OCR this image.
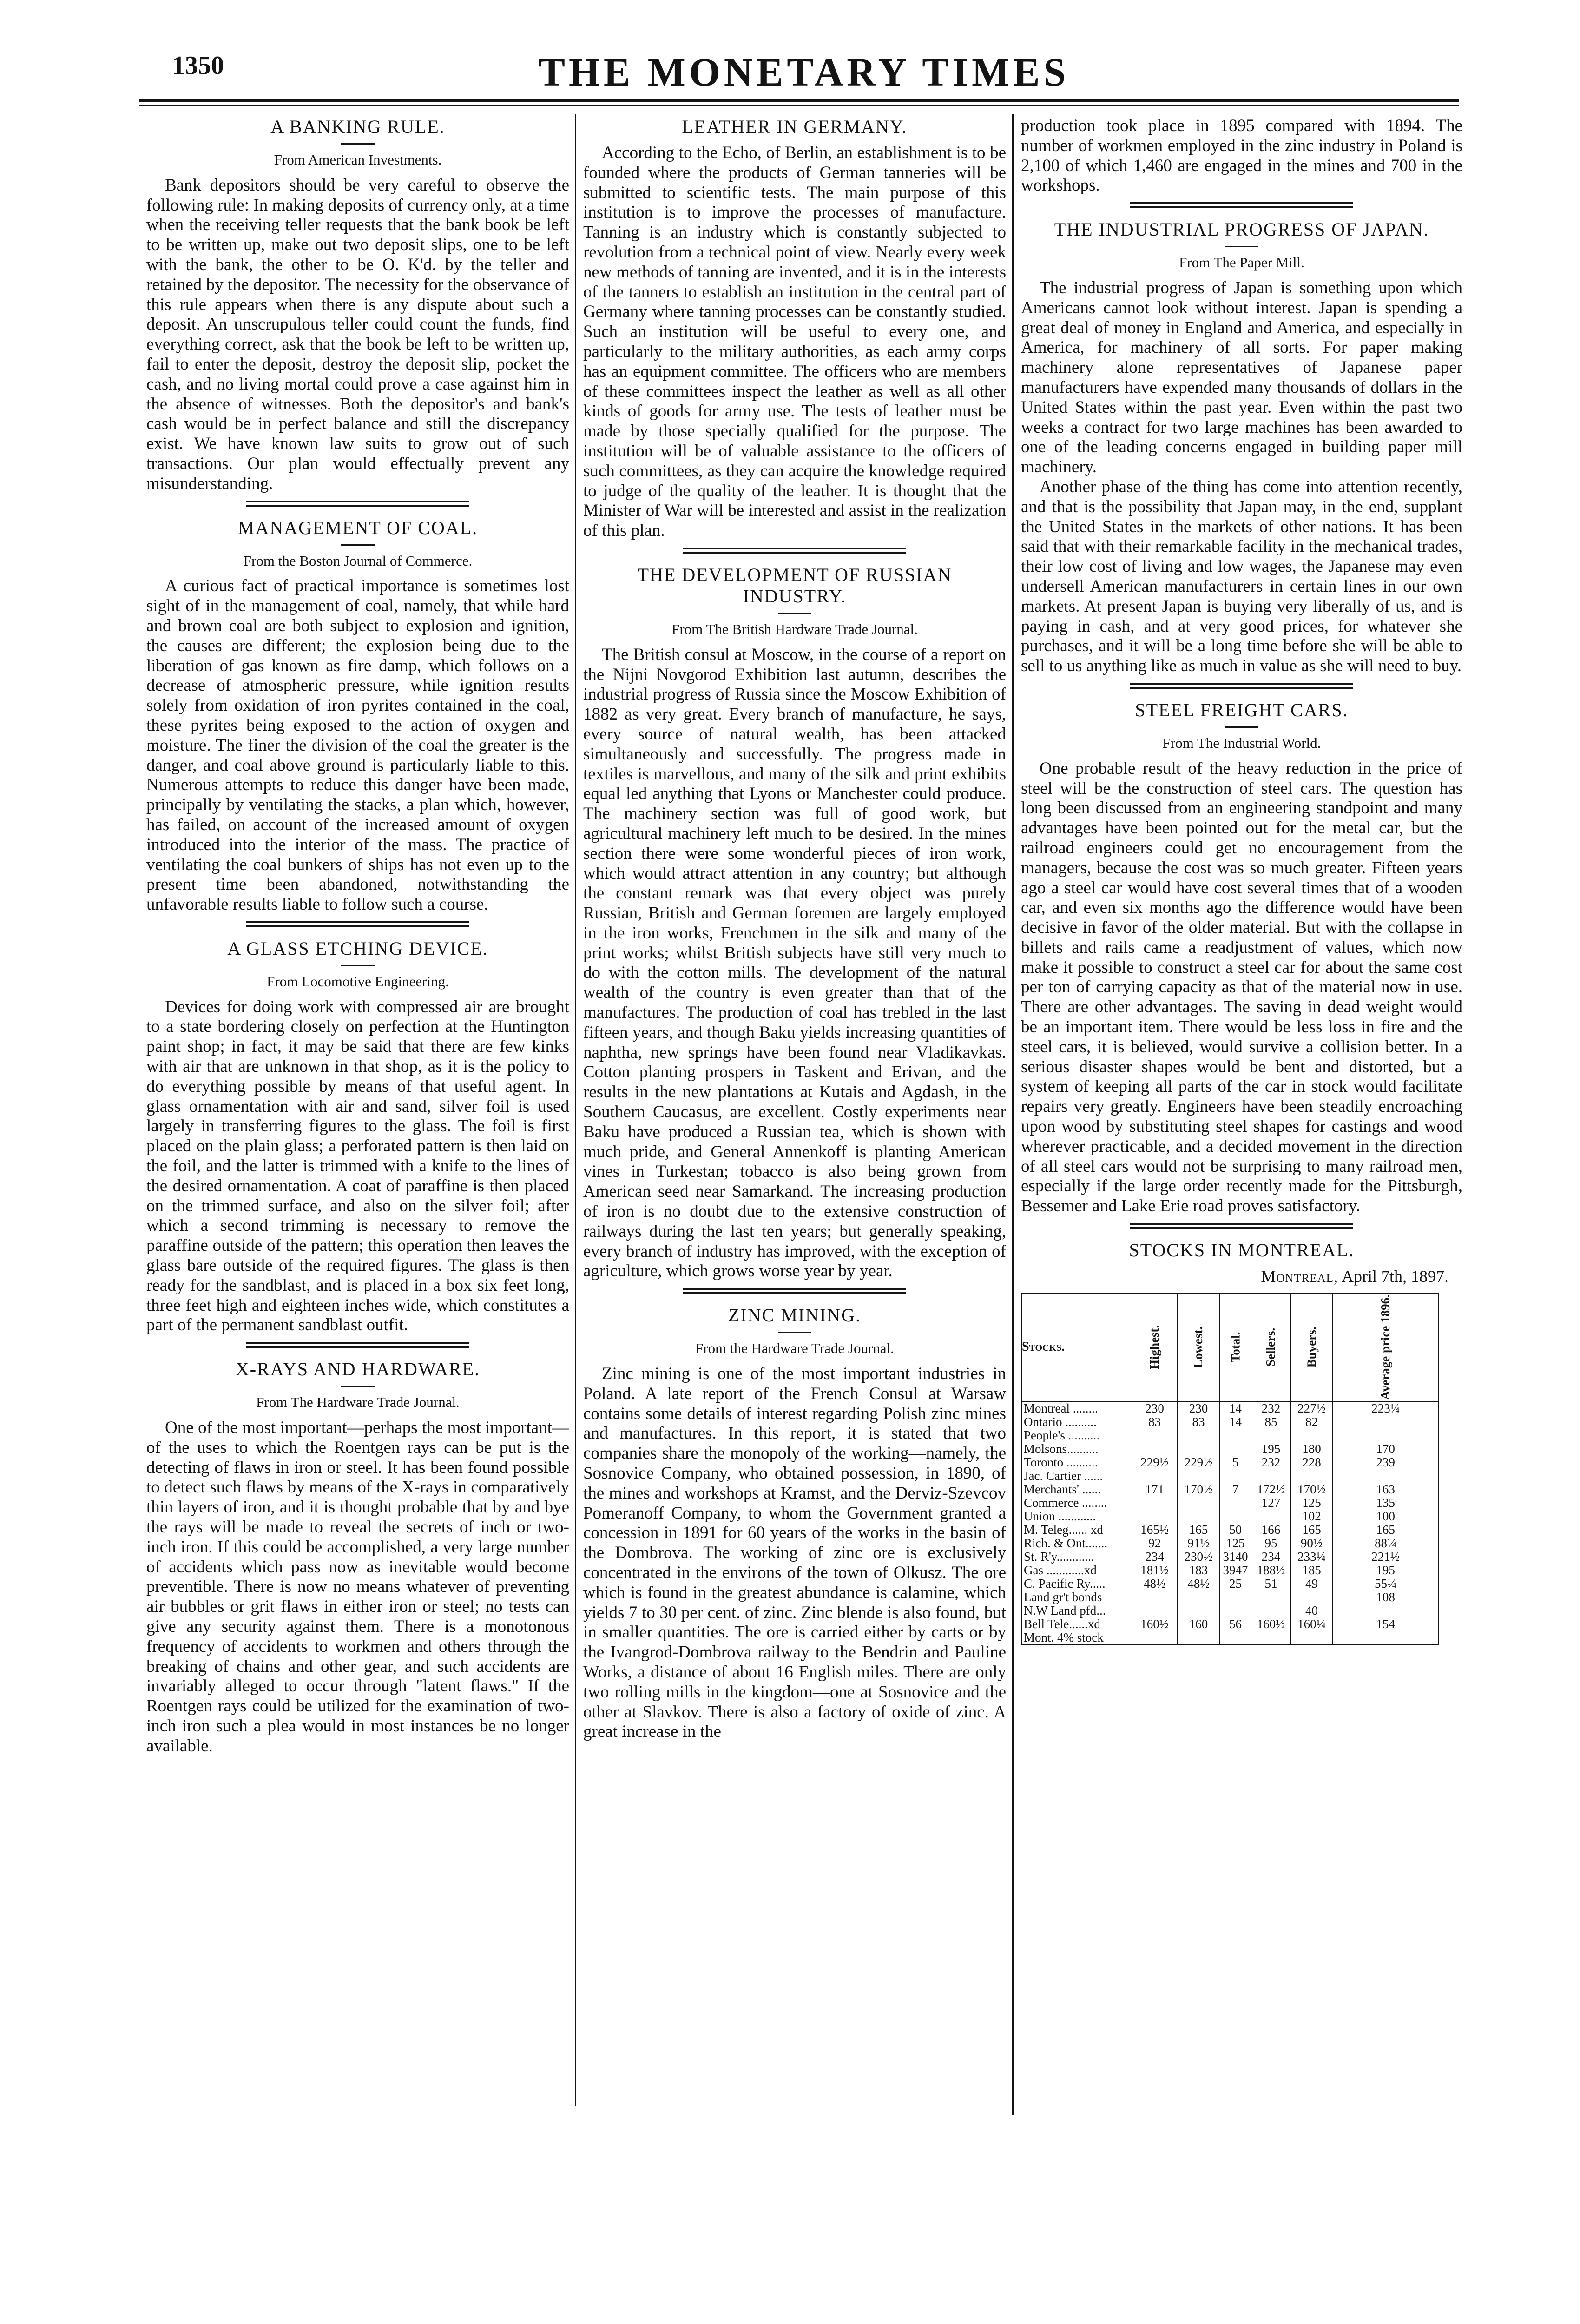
1350	THE MONETARY TIMES
A BANKING RULE.
From American Investments.

Bank depositors should be very careful to observe the following rule: In making deposits of currency only, at a time when the receiving teller requests that the bank book be left to be written up, make out two deposit slips, one to be left with the bank, the other to be O. K'd. by the teller and retained by the depositor. The necessity for the observance of this rule appears when there is any dispute about such a deposit. An unscrupulous teller could count the funds, find everything correct, ask that the book be left to be written up, fail to enter the deposit, destroy the deposit slip, pocket the cash, and no living mortal could prove a case against him in the absence of witnesses. Both the depositor's and bank's cash would be in perfect balance and still the discrepancy exist. We have known law suits to grow out of such transactions. Our plan would effectually prevent any misunderstanding.

MANAGEMENT OF COAL.
From the Boston Journal of Commerce.

A curious fact of practical importance is sometimes lost sight of in the management of coal, namely, that while hard and brown coal are both subject to explosion and ignition, the causes are different; the explosion being due to the liberation of gas known as fire damp, which follows on a decrease of atmospheric pressure, while ignition results solely from oxidation of iron pyrites contained in the coal, these pyrites being exposed to the action of oxygen and moisture. The finer the division of the coal the greater is the danger, and coal above ground is particularly liable to this. Numerous attempts to reduce this danger have been made, principally by ventilating the stacks, a plan which, however, has failed, on account of the increased amount of oxygen introduced into the interior of the mass. The practice of ventilating the coal bunkers of ships has not even up to the present time been abandoned, notwithstanding the unfavorable results liable to follow such a course.

A GLASS ETCHING DEVICE.
From Locomotive Engineering.

Devices for doing work with compressed air are brought to a state bordering closely on perfection at the Huntington paint shop; in fact, it may be said that there are few kinks with air that are unknown in that shop, as it is the policy to do everything possible by means of that useful agent. In glass ornamentation with air and sand, silver foil is used largely in transferring figures to the glass. The foil is first placed on the plain glass; a perforated pattern is then laid on the foil, and the latter is trimmed with a knife to the lines of the desired ornamentation. A coat of paraffine is then placed on the trimmed surface, and also on the silver foil; after which a second trimming is necessary to remove the paraffine outside of the pattern; this operation then leaves the glass bare outside of the required figures. The glass is then ready for the sandblast, and is placed in a box six feet long, three feet high and eighteen inches wide, which constitutes a part of the permanent sandblast outfit.

X-RAYS AND HARDWARE.
From The Hardware Trade Journal.

One of the most important—perhaps the most important—of the uses to which the Roentgen rays can be put is the detecting of flaws in iron or steel. It has been found possible to detect such flaws by means of the X-rays in comparatively thin layers of iron, and it is thought probable that by and bye the rays will be made to reveal the secrets of inch or two-inch iron. If this could be accomplished, a very large number of accidents which pass now as inevitable would become preventible. There is now no means whatever of preventing air bubbles or grit flaws in either iron or steel; no tests can give any security against them. There is a monotonous frequency of accidents to workmen and others through the breaking of chains and other gear, and such accidents are invariably alleged to occur through "latent flaws." If the Roentgen rays could be utilized for the examination of two-inch iron such a plea would in most instances be no longer available.

LEATHER IN GERMANY.

According to the Echo, of Berlin, an establishment is to be founded where the products of German tanneries will be submitted to scientific tests. The main purpose of this institution is to improve the processes of manufacture. Tanning is an industry which is constantly subjected to revolution from a technical point of view. Nearly every week new methods of tanning are invented, and it is in the interests of the tanners to establish an institution in the central part of Germany where tanning processes can be constantly studied. Such an institution will be useful to every one, and particularly to the military authorities, as each army corps has an equipment committee. The officers who are members of these committees inspect the leather as well as all other kinds of goods for army use. The tests of leather must be made by those specially qualified for the purpose. The institution will be of valuable assistance to the officers of such committees, as they can acquire the knowledge required to judge of the quality of the leather. It is thought that the Minister of War will be interested and assist in the realization of this plan.

THE DEVELOPMENT OF RUSSIAN INDUSTRY.
From The British Hardware Trade Journal.

The British consul at Moscow, in the course of a report on the Nijni Novgorod Exhibition last autumn, describes the industrial progress of Russia since the Moscow Exhibition of 1882 as very great. Every branch of manufacture, he says, every source of natural wealth, has been attacked simultaneously and successfully. The progress made in textiles is marvellous, and many of the silk and print exhibits equal led anything that Lyons or Manchester could produce. The machinery section was full of good work, but agricultural machinery left much to be desired. In the mines section there were some wonderful pieces of iron work, which would attract attention in any country; but although the constant remark was that every object was purely Russian, British and German foremen are largely employed in the iron works, Frenchmen in the silk and many of the print works; whilst British subjects have still very much to do with the cotton mills. The development of the natural wealth of the country is even greater than that of the manufactures. The production of coal has trebled in the last fifteen years, and though Baku yields increasing quantities of naphtha, new springs have been found near Vladikavkas. Cotton planting prospers in Taskent and Erivan, and the results in the new plantations at Kutais and Agdash, in the Southern Caucasus, are excellent. Costly experiments near Baku have produced a Russian tea, which is shown with much pride, and General Annenkoff is planting American vines in Turkestan; tobacco is also being grown from American seed near Samarkand. The increasing production of iron is no doubt due to the extensive construction of railways during the last ten years; but generally speaking, every branch of industry has improved, with the exception of agriculture, which grows worse year by year.

ZINC MINING.
From the Hardware Trade Journal.

Zinc mining is one of the most important industries in Poland. A late report of the French Consul at Warsaw contains some details of interest regarding Polish zinc mines and manufactures. In this report, it is stated that two companies share the monopoly of the working—namely, the Sosnovice Company, who obtained possession, in 1890, of the mines and workshops at Kramst, and the Derviz-Szevcov Pomeranoff Company, to whom the Government granted a concession in 1891 for 60 years of the works in the basin of the Dombrova. The working of zinc ore is exclusively concentrated in the environs of the town of Olkusz. The ore which is found in the greatest abundance is calamine, which yields 7 to 30 per cent. of zinc. Zinc blende is also found, but in smaller quantities. The ore is carried either by carts or by the Ivangrod-Dombrova railway to the Bendrin and Pauline Works, a distance of about 16 English miles. There are only two rolling mills in the kingdom—one at Sosnovice and the other at Slavkov. There is also a factory of oxide of zinc. A great increase in the

production took place in 1895 compared with 1894. The number of workmen employed in the zinc industry in Poland is 2,100 of which 1,460 are engaged in the mines and 700 in the workshops.

THE INDUSTRIAL PROGRESS OF JAPAN.
From The Paper Mill.

The industrial progress of Japan is something upon which Americans cannot look without interest. Japan is spending a great deal of money in England and America, and especially in America, for machinery of all sorts. For paper making machinery alone representatives of Japanese paper manufacturers have expended many thousands of dollars in the United States within the past year. Even within the past two weeks a contract for two large machines has been awarded to one of the leading concerns engaged in building paper mill machinery.

Another phase of the thing has come into attention recently, and that is the possibility that Japan may, in the end, supplant the United States in the markets of other nations. It has been said that with their remarkable facility in the mechanical trades, their low cost of living and low wages, the Japanese may even undersell American manufacturers in certain lines in our own markets. At present Japan is buying very liberally of us, and is paying in cash, and at very good prices, for whatever she purchases, and it will be a long time before she will be able to sell to us anything like as much in value as she will need to buy.

STEEL FREIGHT CARS.
From The Industrial World.

One probable result of the heavy reduction in the price of steel will be the construction of steel cars. The question has long been discussed from an engineering standpoint and many advantages have been pointed out for the metal car, but the railroad engineers could get no encouragement from the managers, because the cost was so much greater. Fifteen years ago a steel car would have cost several times that of a wooden car, and even six months ago the difference would have been decisive in favor of the older material. But with the collapse in billets and rails came a readjustment of values, which now make it possible to construct a steel car for about the same cost per ton of carrying capacity as that of the material now in use. There are other advantages. The saving in dead weight would be an important item. There would be less loss in fire and the steel cars, it is believed, would survive a collision better. In a serious disaster shapes would be bent and distorted, but a system of keeping all parts of the car in stock would facilitate repairs very greatly. Engineers have been steadily encroaching upon wood by substituting steel shapes for castings and wood wherever practicable, and a decided movement in the direction of all steel cars would not be surprising to many railroad men, especially if the large order recently made for the Pittsburgh, Bessemer and Lake Erie road proves satisfactory.

STOCKS IN MONTREAL.
Montreal, April 7th, 1897.
Stocks.	Highest.	Lowest.	Total.	Sellers.	Buyers.	Average price 1896.
Montreal ........	230	230	14	232	227½	223¼
Ontario ..........	83	83	14	85	82	
People's ..........						
Molsons..........				195	180	170
Toronto ..........	229½	229½	5	232	228	239
Jac. Cartier ......						
Merchants' ......	171	170½	7	172½	170½	163
Commerce ........				127	125	135
Union ............					102	100
M. Teleg...... xd	165½	165	50	166	165	165
Rich. & Ont.......	92	91½	125	95	90½	88¼
St. R'y............	234	230½	3140	234	233¼	221½
Gas ............xd	181½	183	3947	188½	185	195
C. Pacific Ry.....	48½	48½	25	51	49	55¼
Land gr't bonds						108
N.W Land pfd...					40	
Bell Tele......xd	160½	160	56	160½	160¼	154
Mont. 4% stock						
